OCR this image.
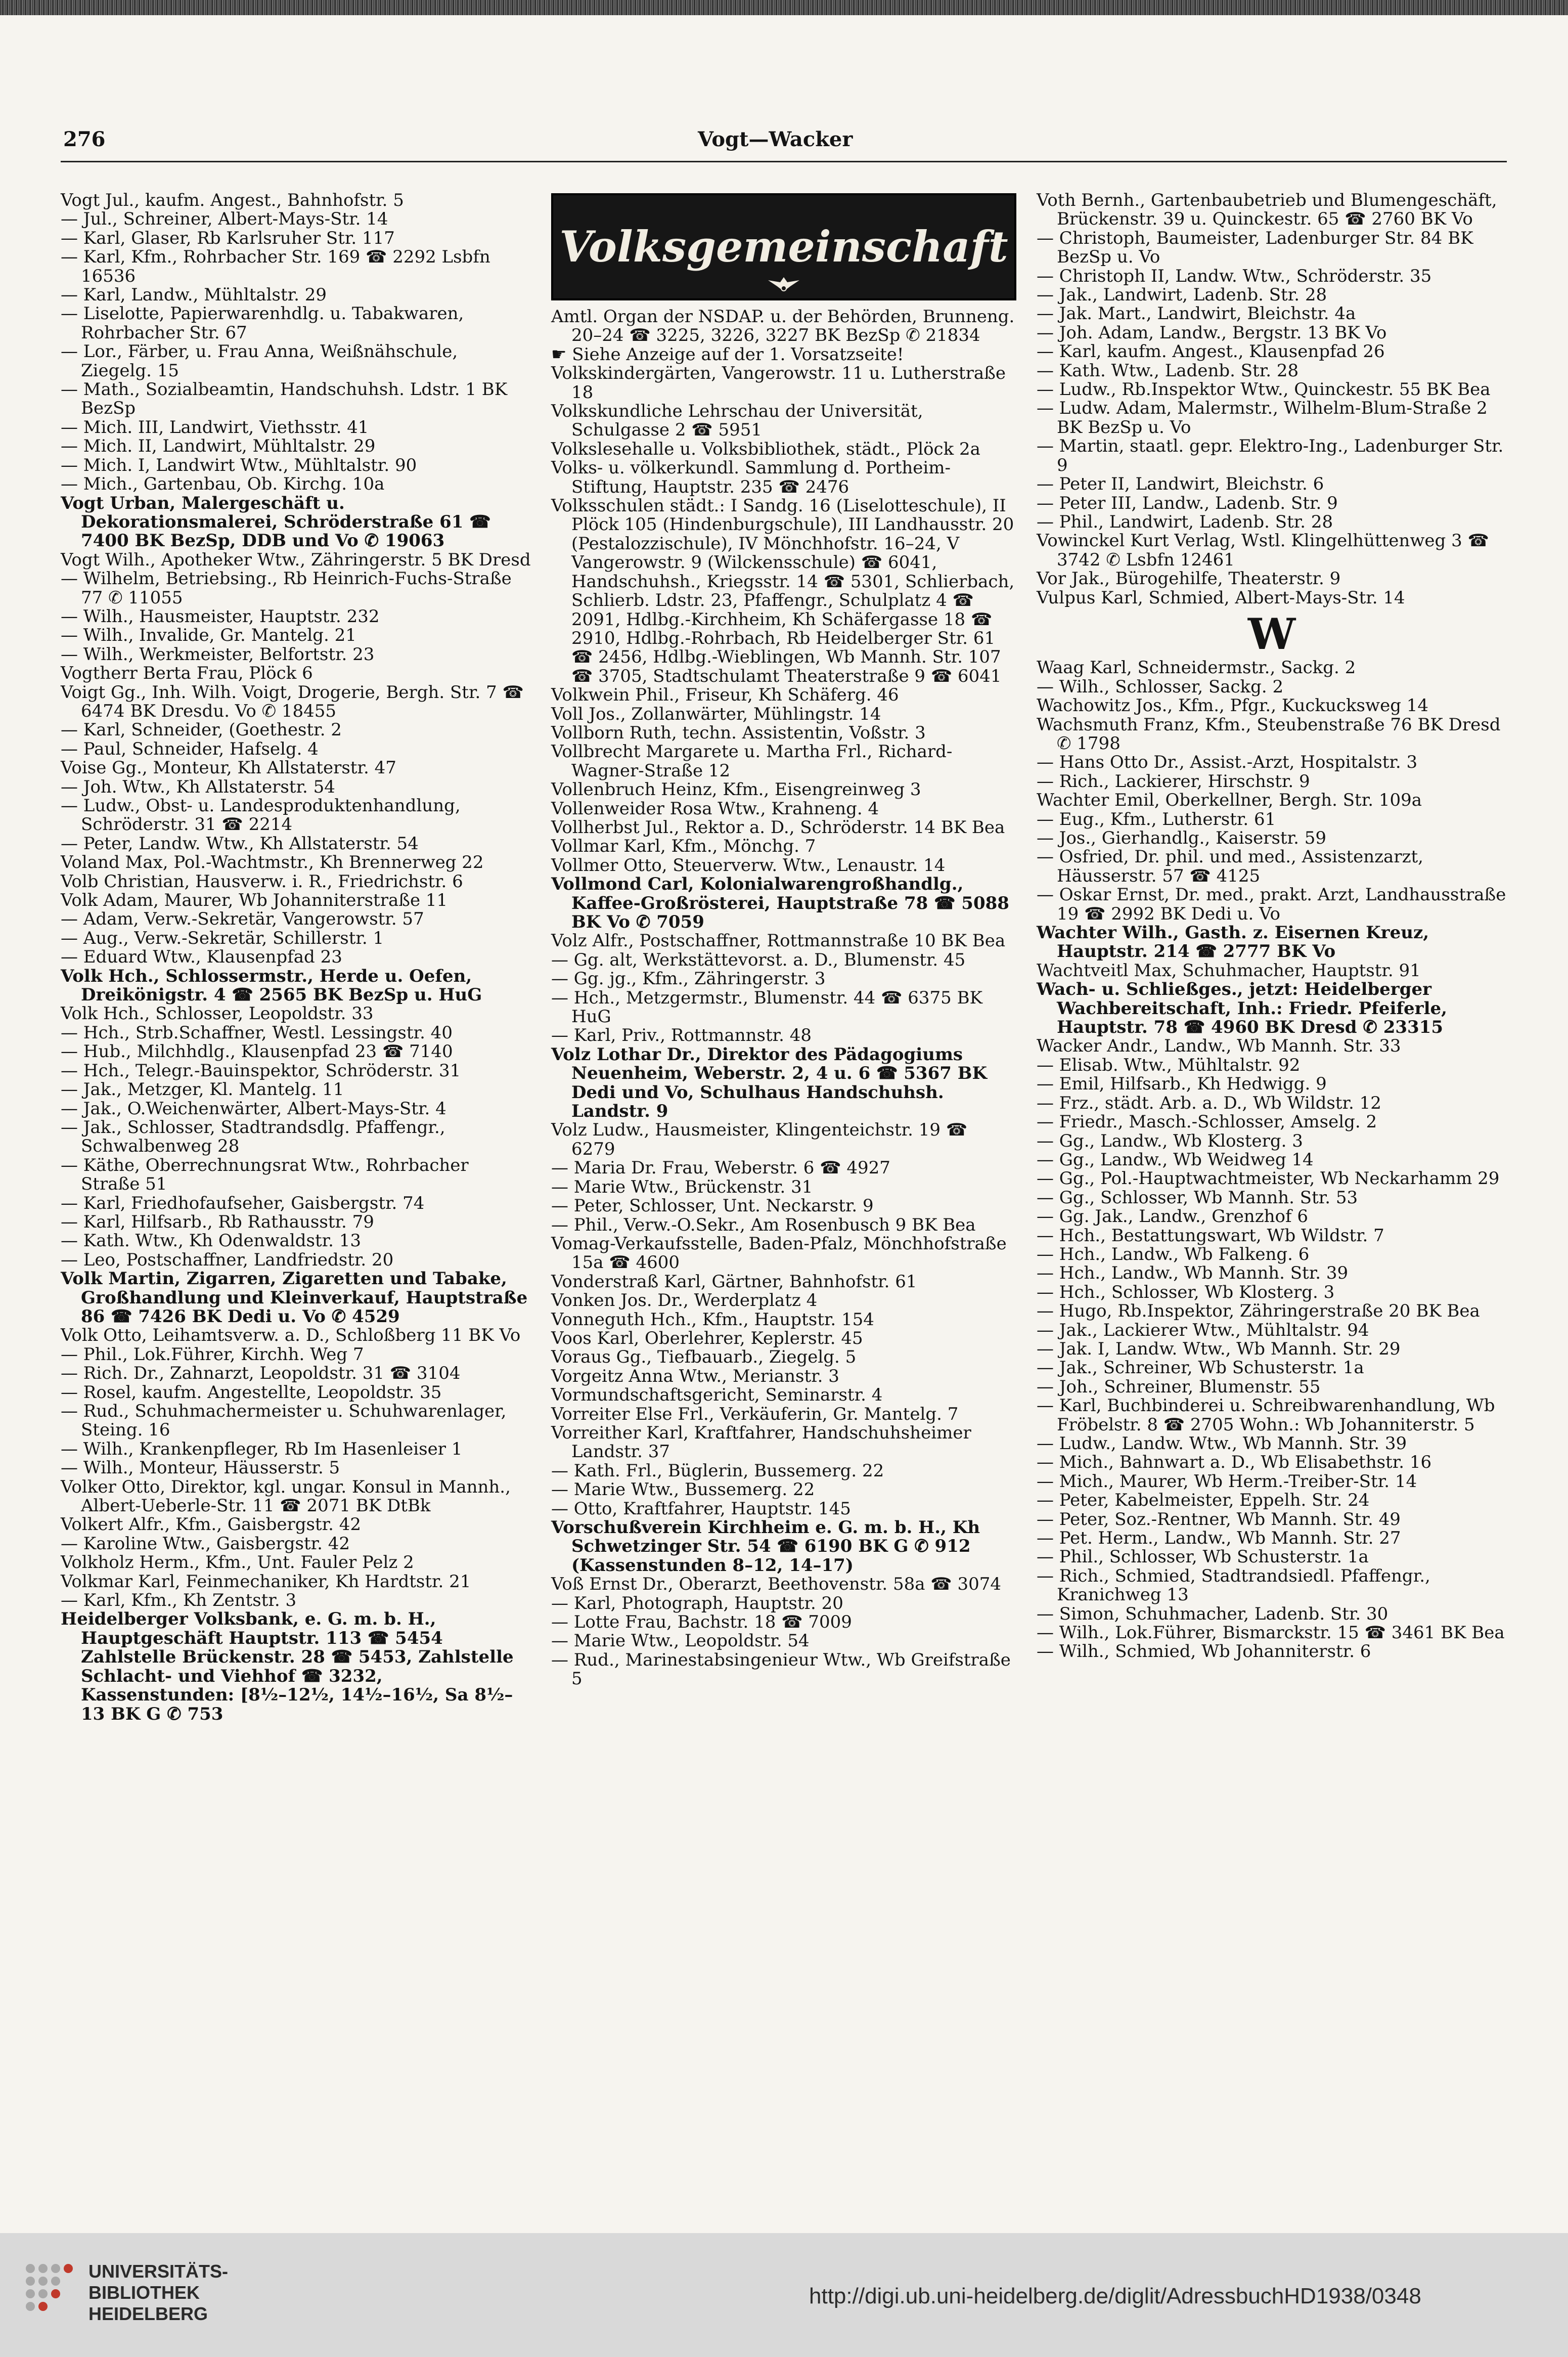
276	Vogt—Wacker

Vogt Jul., kaufm. Angest., Bahnhofstr. 5

— Jul., Schreiner, Albert-Mays-Str. 14

— Karl, Glaser, Rb Karlsruher Str. 117

— Karl, Kfm., Rohrbacher Str. 169 ☎ 2292 Lsbfn 16536

— Karl, Landw., Mühltalstr. 29

— Liselotte, Papierwarenhdlg. u. Tabakwaren, Rohrbacher Str. 67

— Lor., Färber, u. Frau Anna, Weißnähschule, Ziegelg. 15

— Math., Sozialbeamtin, Handschuhsh. Ldstr. 1 BK BezSp

— Mich. III, Landwirt, Viethsstr. 41

— Mich. II, Landwirt, Mühltalstr. 29

— Mich. I, Landwirt Wtw., Mühltalstr. 90

— Mich., Gartenbau, Ob. Kirchg. 10a

Vogt Urban, Malergeschäft u. Dekorationsmalerei, Schröderstraße 61 ☎ 7400 BK BezSp, DDB und Vo ✆ 19063

Vogt Wilh., Apotheker Wtw., Zähringerstr. 5 BK Dresd

— Wilhelm, Betriebsing., Rb Heinrich-Fuchs-Straße 77 ✆ 11055

— Wilh., Hausmeister, Hauptstr. 232

— Wilh., Invalide, Gr. Mantelg. 21

— Wilh., Werkmeister, Belfortstr. 23

Vogtherr Berta Frau, Plöck 6

Voigt Gg., Inh. Wilh. Voigt, Drogerie, Bergh. Str. 7 ☎ 6474 BK Dresdu. Vo ✆ 18455

— Karl, Schneider, (Goethestr. 2

— Paul, Schneider, Hafselg. 4

Voise Gg., Monteur, Kh Allstaterstr. 47

— Joh. Wtw., Kh Allstaterstr. 54

— Ludw., Obst- u. Landesproduktenhandlung, Schröderstr. 31 ☎ 2214

— Peter, Landw. Wtw., Kh Allstaterstr. 54

Voland Max, Pol.-Wachtmstr., Kh Brennerweg 22

Volb Christian, Hausverw. i. R., Friedrichstr. 6

Volk Adam, Maurer, Wb Johanniterstraße 11

— Adam, Verw.-Sekretär, Vangerowstr. 57

— Aug., Verw.-Sekretär, Schillerstr. 1

— Eduard Wtw., Klausenpfad 23

Volk Hch., Schlossermstr., Herde u. Oefen, Dreikönigstr. 4 ☎ 2565 BK BezSp u. HuG

Volk Hch., Schlosser, Leopoldstr. 33

— Hch., Strb.Schaffner, Westl. Lessingstr. 40

— Hub., Milchhdlg., Klausenpfad 23 ☎ 7140

— Hch., Telegr.-Bauinspektor, Schröderstr. 31

— Jak., Metzger, Kl. Mantelg. 11

— Jak., O.Weichenwärter, Albert-Mays-Str. 4

— Jak., Schlosser, Stadtrandsdlg. Pfaffengr., Schwalbenweg 28

— Käthe, Oberrechnungsrat Wtw., Rohrbacher Straße 51

— Karl, Friedhofaufseher, Gaisbergstr. 74

— Karl, Hilfsarb., Rb Rathausstr. 79

— Kath. Wtw., Kh Odenwaldstr. 13

— Leo, Postschaffner, Landfriedstr. 20

Volk Martin, Zigarren, Zigaretten und Tabake, Großhandlung und Kleinverkauf, Hauptstraße 86 ☎ 7426 BK Dedi u. Vo ✆ 4529

Volk Otto, Leihamtsverw. a. D., Schloßberg 11 BK Vo

— Phil., Lok.Führer, Kirchh. Weg 7

— Rich. Dr., Zahnarzt, Leopoldstr. 31 ☎ 3104

— Rosel, kaufm. Angestellte, Leopoldstr. 35

— Rud., Schuhmachermeister u. Schuhwarenlager, Steing. 16

— Wilh., Krankenpfleger, Rb Im Hasenleiser 1

— Wilh., Monteur, Häusserstr. 5

Volker Otto, Direktor, kgl. ungar. Konsul in Mannh., Albert-Ueberle-Str. 11 ☎ 2071 BK DtBk

Volkert Alfr., Kfm., Gaisbergstr. 42

— Karoline Wtw., Gaisbergstr. 42

Volkholz Herm., Kfm., Unt. Fauler Pelz 2

Volkmar Karl, Feinmechaniker, Kh Hardtstr. 21

— Karl, Kfm., Kh Zentstr. 3

Heidelberger Volksbank, e. G. m. b. H., Hauptgeschäft Hauptstr. 113 ☎ 5454 Zahlstelle Brückenstr. 28 ☎ 5453, Zahlstelle Schlacht- und Viehhof ☎ 3232, Kassenstunden: [8½–12½, 14½–16½, Sa 8½–13 BK G ✆ 753

Volksgemeinschaft

Amtl. Organ der NSDAP. u. der Behörden, Brunneng. 20–24 ☎ 3225, 3226, 3227 BK BezSp ✆ 21834

☛ Siehe Anzeige auf der 1. Vorsatzseite!

Volkskindergärten, Vangerowstr. 11 u. Lutherstraße 18

Volkskundliche Lehrschau der Universität, Schulgasse 2 ☎ 5951

Volkslesehalle u. Volksbibliothek, städt., Plöck 2a

Volks- u. völkerkundl. Sammlung d. Portheim-Stiftung, Hauptstr. 235 ☎ 2476

Volksschulen städt.: I Sandg. 16 (Liselotteschule), II Plöck 105 (Hindenburgschule), III Landhausstr. 20 (Pestalozzischule), IV Mönchhofstr. 16–24, V Vangerowstr. 9 (Wilckensschule) ☎ 6041, Handschuhsh., Kriegsstr. 14 ☎ 5301, Schlierbach, Schlierb. Ldstr. 23, Pfaffengr., Schulplatz 4 ☎ 2091, Hdlbg.-Kirchheim, Kh Schäfergasse 18 ☎ 2910, Hdlbg.-Rohrbach, Rb Heidelberger Str. 61 ☎ 2456, Hdlbg.-Wieblingen, Wb Mannh. Str. 107 ☎ 3705, Stadtschulamt Theaterstraße 9 ☎ 6041

Volkwein Phil., Friseur, Kh Schäferg. 46

Voll Jos., Zollanwärter, Mühlingstr. 14

Vollborn Ruth, techn. Assistentin, Voßstr. 3

Vollbrecht Margarete u. Martha Frl., Richard-Wagner-Straße 12

Vollenbruch Heinz, Kfm., Eisengreinweg 3

Vollenweider Rosa Wtw., Krahneng. 4

Vollherbst Jul., Rektor a. D., Schröderstr. 14 BK Bea

Vollmar Karl, Kfm., Mönchg. 7

Vollmer Otto, Steuerverw. Wtw., Lenaustr. 14

Vollmond Carl, Kolonialwarengroßhandlg., Kaffee-Großrösterei, Hauptstraße 78 ☎ 5088 BK Vo ✆ 7059

Volz Alfr., Postschaffner, Rottmannstraße 10 BK Bea

— Gg. alt, Werkstättevorst. a. D., Blumenstr. 45

— Gg. jg., Kfm., Zähringerstr. 3

— Hch., Metzgermstr., Blumenstr. 44 ☎ 6375 BK HuG

— Karl, Priv., Rottmannstr. 48

Volz Lothar Dr., Direktor des Pädagogiums Neuenheim, Weberstr. 2, 4 u. 6 ☎ 5367 BK Dedi und Vo, Schulhaus Handschuhsh. Landstr. 9

Volz Ludw., Hausmeister, Klingenteichstr. 19 ☎ 6279

— Maria Dr. Frau, Weberstr. 6 ☎ 4927

— Marie Wtw., Brückenstr. 31

— Peter, Schlosser, Unt. Neckarstr. 9

— Phil., Verw.-O.Sekr., Am Rosenbusch 9 BK Bea

Vomag-Verkaufsstelle, Baden-Pfalz, Mönchhofstraße 15a ☎ 4600

Vonderstraß Karl, Gärtner, Bahnhofstr. 61

Vonken Jos. Dr., Werderplatz 4

Vonneguth Hch., Kfm., Hauptstr. 154

Voos Karl, Oberlehrer, Keplerstr. 45

Voraus Gg., Tiefbauarb., Ziegelg. 5

Vorgeitz Anna Wtw., Merianstr. 3

Vormundschaftsgericht, Seminarstr. 4

Vorreiter Else Frl., Verkäuferin, Gr. Mantelg. 7

Vorreither Karl, Kraftfahrer, Handschuhsheimer Landstr. 37

— Kath. Frl., Büglerin, Bussemerg. 22

— Marie Wtw., Bussemerg. 22

— Otto, Kraftfahrer, Hauptstr. 145

Vorschußverein Kirchheim e. G. m. b. H., Kh Schwetzinger Str. 54 ☎ 6190 BK G ✆ 912 (Kassenstunden 8–12, 14–17)

Voß Ernst Dr., Oberarzt, Beethovenstr. 58a ☎ 3074

— Karl, Photograph, Hauptstr. 20

— Lotte Frau, Bachstr. 18 ☎ 7009

— Marie Wtw., Leopoldstr. 54

— Rud., Marinestabsingenieur Wtw., Wb Greifstraße 5

Voth Bernh., Gartenbaubetrieb und Blumengeschäft, Brückenstr. 39 u. Quinckestr. 65 ☎ 2760 BK Vo

— Christoph, Baumeister, Ladenburger Str. 84 BK BezSp u. Vo

— Christoph II, Landw. Wtw., Schröderstr. 35

— Jak., Landwirt, Ladenb. Str. 28

— Jak. Mart., Landwirt, Bleichstr. 4a

— Joh. Adam, Landw., Bergstr. 13 BK Vo

— Karl, kaufm. Angest., Klausenpfad 26

— Kath. Wtw., Ladenb. Str. 28

— Ludw., Rb.Inspektor Wtw., Quinckestr. 55 BK Bea

— Ludw. Adam, Malermstr., Wilhelm-Blum-Straße 2 BK BezSp u. Vo

— Martin, staatl. gepr. Elektro-Ing., Ladenburger Str. 9

— Peter II, Landwirt, Bleichstr. 6

— Peter III, Landw., Ladenb. Str. 9

— Phil., Landwirt, Ladenb. Str. 28

Vowinckel Kurt Verlag, Wstl. Klingelhüttenweg 3 ☎ 3742 ✆ Lsbfn 12461

Vor Jak., Bürogehilfe, Theaterstr. 9

Vulpus Karl, Schmied, Albert-Mays-Str. 14

W

Waag Karl, Schneidermstr., Sackg. 2

— Wilh., Schlosser, Sackg. 2

Wachowitz Jos., Kfm., Pfgr., Kuckucksweg 14

Wachsmuth Franz, Kfm., Steubenstraße 76 BK Dresd ✆ 1798

— Hans Otto Dr., Assist.-Arzt, Hospitalstr. 3

— Rich., Lackierer, Hirschstr. 9

Wachter Emil, Oberkellner, Bergh. Str. 109a

— Eug., Kfm., Lutherstr. 61

— Jos., Gierhandlg., Kaiserstr. 59

— Osfried, Dr. phil. und med., Assistenzarzt, Häusserstr. 57 ☎ 4125

— Oskar Ernst, Dr. med., prakt. Arzt, Landhausstraße 19 ☎ 2992 BK Dedi u. Vo

Wachter Wilh., Gasth. z. Eisernen Kreuz, Hauptstr. 214 ☎ 2777 BK Vo

Wachtveitl Max, Schuhmacher, Hauptstr. 91

Wach- u. Schließges., jetzt: Heidelberger Wachbereitschaft, Inh.: Friedr. Pfeiferle, Hauptstr. 78 ☎ 4960 BK Dresd ✆ 23315

Wacker Andr., Landw., Wb Mannh. Str. 33

— Elisab. Wtw., Mühltalstr. 92

— Emil, Hilfsarb., Kh Hedwigg. 9

— Frz., städt. Arb. a. D., Wb Wildstr. 12

— Friedr., Masch.-Schlosser, Amselg. 2

— Gg., Landw., Wb Klosterg. 3

— Gg., Landw., Wb Weidweg 14

— Gg., Pol.-Hauptwachtmeister, Wb Neckarhamm 29

— Gg., Schlosser, Wb Mannh. Str. 53

— Gg. Jak., Landw., Grenzhof 6

— Hch., Bestattungswart, Wb Wildstr. 7

— Hch., Landw., Wb Falkeng. 6

— Hch., Landw., Wb Mannh. Str. 39

— Hch., Schlosser, Wb Klosterg. 3

— Hugo, Rb.Inspektor, Zähringerstraße 20 BK Bea

— Jak., Lackierer Wtw., Mühltalstr. 94

— Jak. I, Landw. Wtw., Wb Mannh. Str. 29

— Jak., Schreiner, Wb Schusterstr. 1a

— Joh., Schreiner, Blumenstr. 55

— Karl, Buchbinderei u. Schreibwarenhandlung, Wb Fröbelstr. 8 ☎ 2705 Wohn.: Wb Johanniterstr. 5

— Ludw., Landw. Wtw., Wb Mannh. Str. 39

— Mich., Bahnwart a. D., Wb Elisabethstr. 16

— Mich., Maurer, Wb Herm.-Treiber-Str. 14

— Peter, Kabelmeister, Eppelh. Str. 24

— Peter, Soz.-Rentner, Wb Mannh. Str. 49

— Pet. Herm., Landw., Wb Mannh. Str. 27

— Phil., Schlosser, Wb Schusterstr. 1a

— Rich., Schmied, Stadtrandsiedl. Pfaffengr., Kranichweg 13

— Simon, Schuhmacher, Ladenb. Str. 30

— Wilh., Lok.Führer, Bismarckstr. 15 ☎ 3461 BK Bea

— Wilh., Schmied, Wb Johanniterstr. 6

UNIVERSITÄTS-
BIBLIOTHEK
HEIDELBERG
http://digi.ub.uni-heidelberg.de/diglit/AdressbuchHD1938/0348
